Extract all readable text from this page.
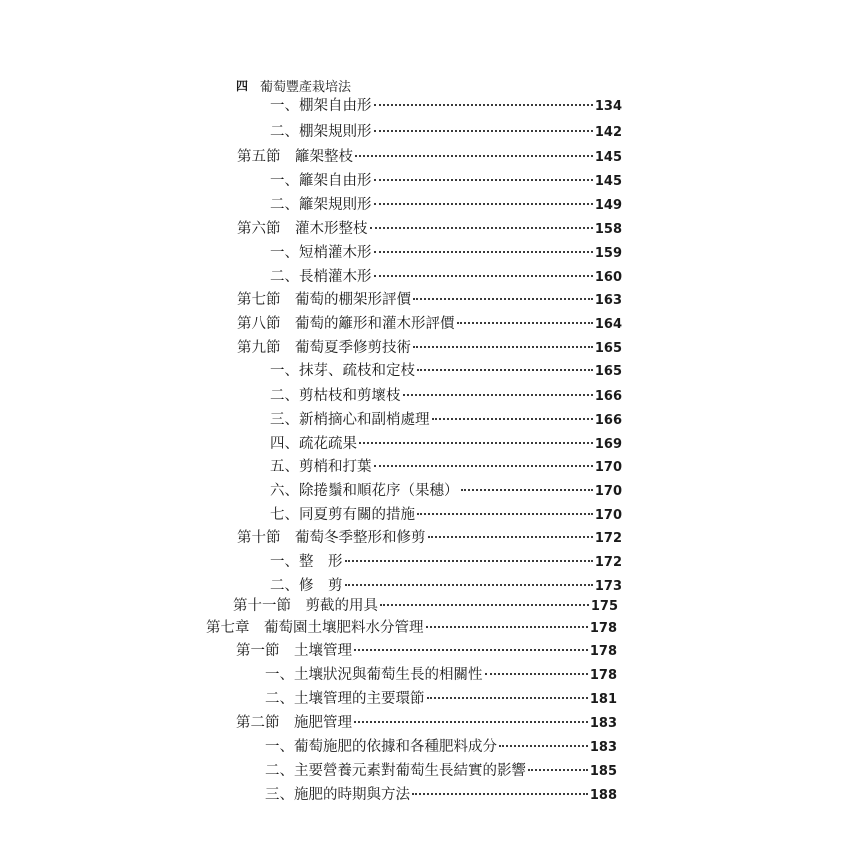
四 葡萄豐產栽培法
一、棚架自由形	134
二、棚架規則形	142
第五節　籬架整枝	145
一、籬架自由形	145
二、籬架規則形	149
第六節　灌木形整枝	158
一、短梢灌木形	159
二、長梢灌木形	160
第七節　葡萄的棚架形評價	163
第八節　葡萄的籬形和灌木形評價	164
第九節　葡萄夏季修剪技術	165
一、抹芽、疏枝和定枝	165
二、剪枯枝和剪壞枝	166
三、新梢摘心和副梢處理	166
四、疏花疏果	169
五、剪梢和打葉	170
六、除捲鬚和順花序（果穗）	170
七、同夏剪有關的措施	170
第十節　葡萄冬季整形和修剪	172
一、整　形	172
二、修　剪	173
第十一節　剪截的用具	175
第七章　葡萄園土壤肥料水分管理	178
第一節　土壤管理	178
一、土壤狀況與葡萄生長的相關性	178
二、土壤管理的主要環節	181
第二節　施肥管理	183
一、葡萄施肥的依據和各種肥料成分	183
二、主要營養元素對葡萄生長結實的影響	185
三、施肥的時期與方法	188
